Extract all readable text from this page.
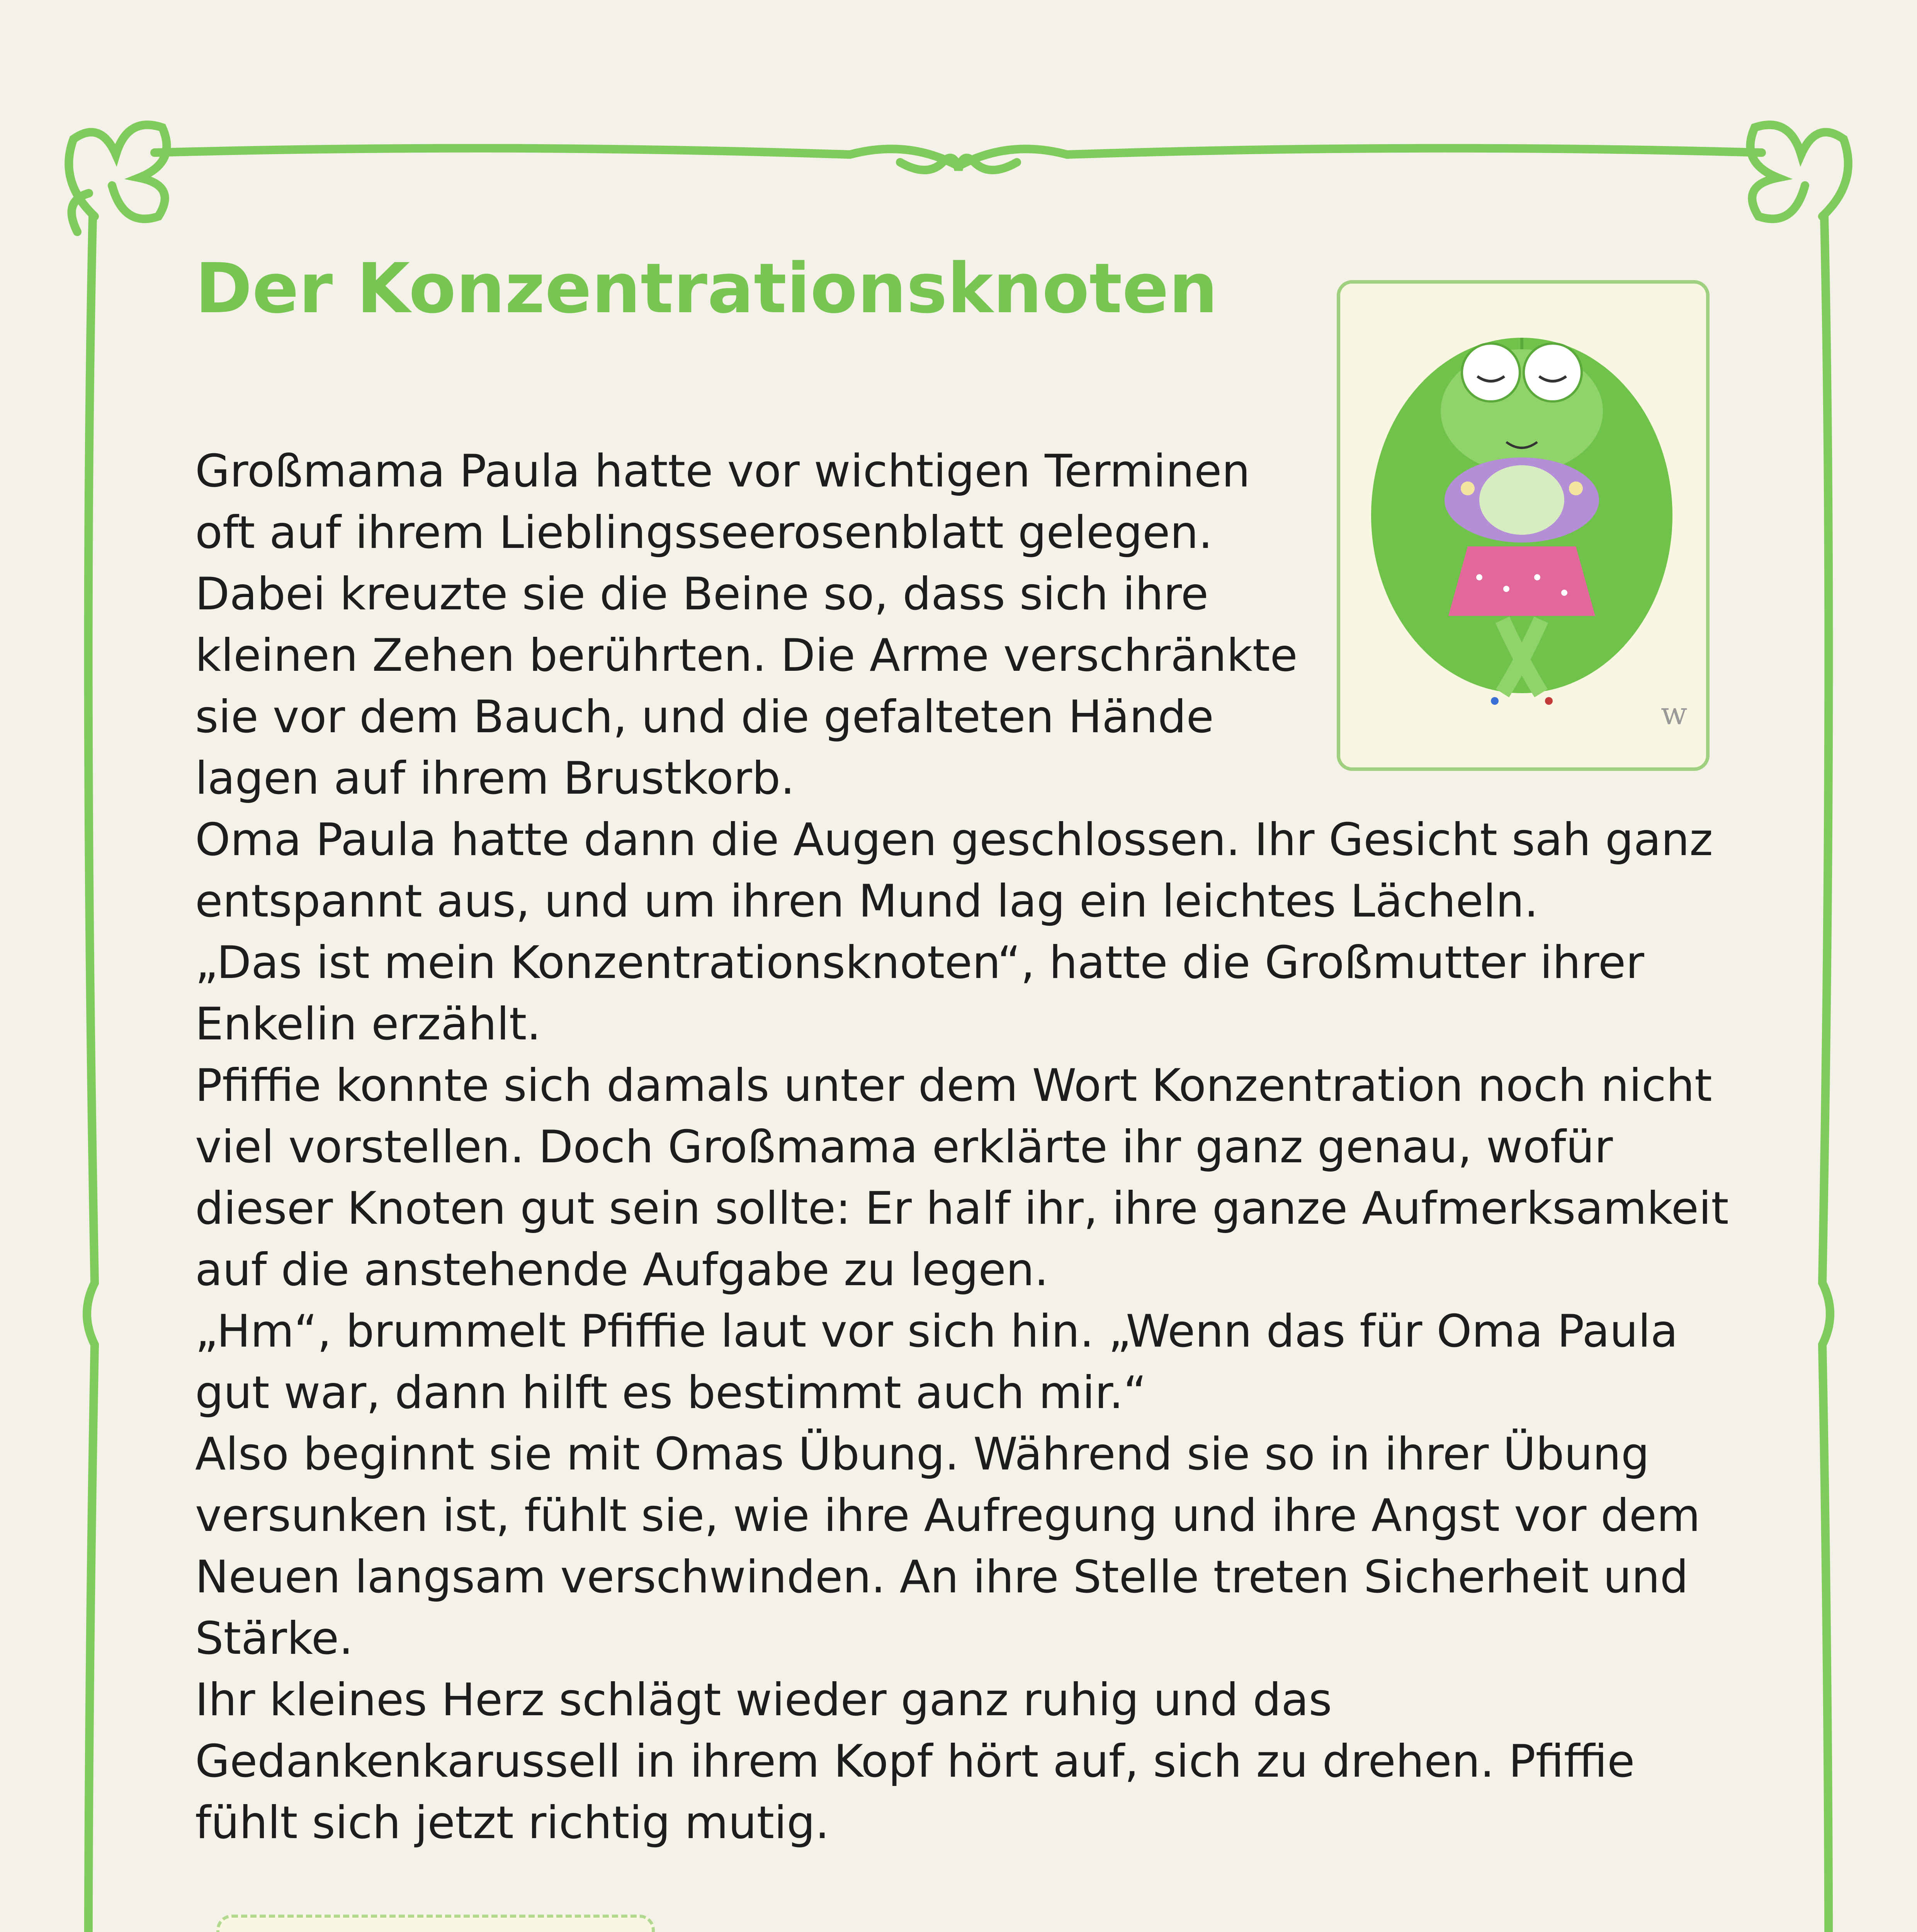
Der Konzentrationsknoten

Großmama Paula hatte vor wichtigen Terminen oft auf ihrem Lieblingsseerosenblatt gelegen. Dabei kreuzte sie die Beine so, dass sich ihre kleinen Zehen berührten. Die Arme verschränkte sie vor dem Bauch, und die gefalteten Hände lagen auf ihrem Brustkorb.

Oma Paula hatte dann die Augen geschlossen. Ihr Gesicht sah ganz entspannt aus, und um ihren Mund lag ein leichtes Lächeln.

„Das ist mein Konzentrationsknoten“, hatte die Großmutter ihrer Enkelin erzählt.

Pfiffie konnte sich damals unter dem Wort Konzentration noch nicht viel vorstellen. Doch Großmama erklärte ihr ganz genau, wofür dieser Knoten gut sein sollte: Er half ihr, ihre ganze Aufmerksamkeit auf die anstehende Aufgabe zu legen.

„Hm“, brummelt Pfiffie laut vor sich hin. „Wenn das für Oma Paula gut war, dann hilft es bestimmt auch mir.“

Also beginnt sie mit Omas Übung. Während sie so in ihrer Übung versunken ist, fühlt sie, wie ihre Aufregung und ihre Angst vor dem Neuen langsam verschwinden. An ihre Stelle treten Sicherheit und Stärke.

Ihr kleines Herz schlägt wieder ganz ruhig und das Gedankenkarussell in ihrem Kopf hört auf, sich zu drehen. Pfiffie fühlt sich jetzt richtig mutig.

w
